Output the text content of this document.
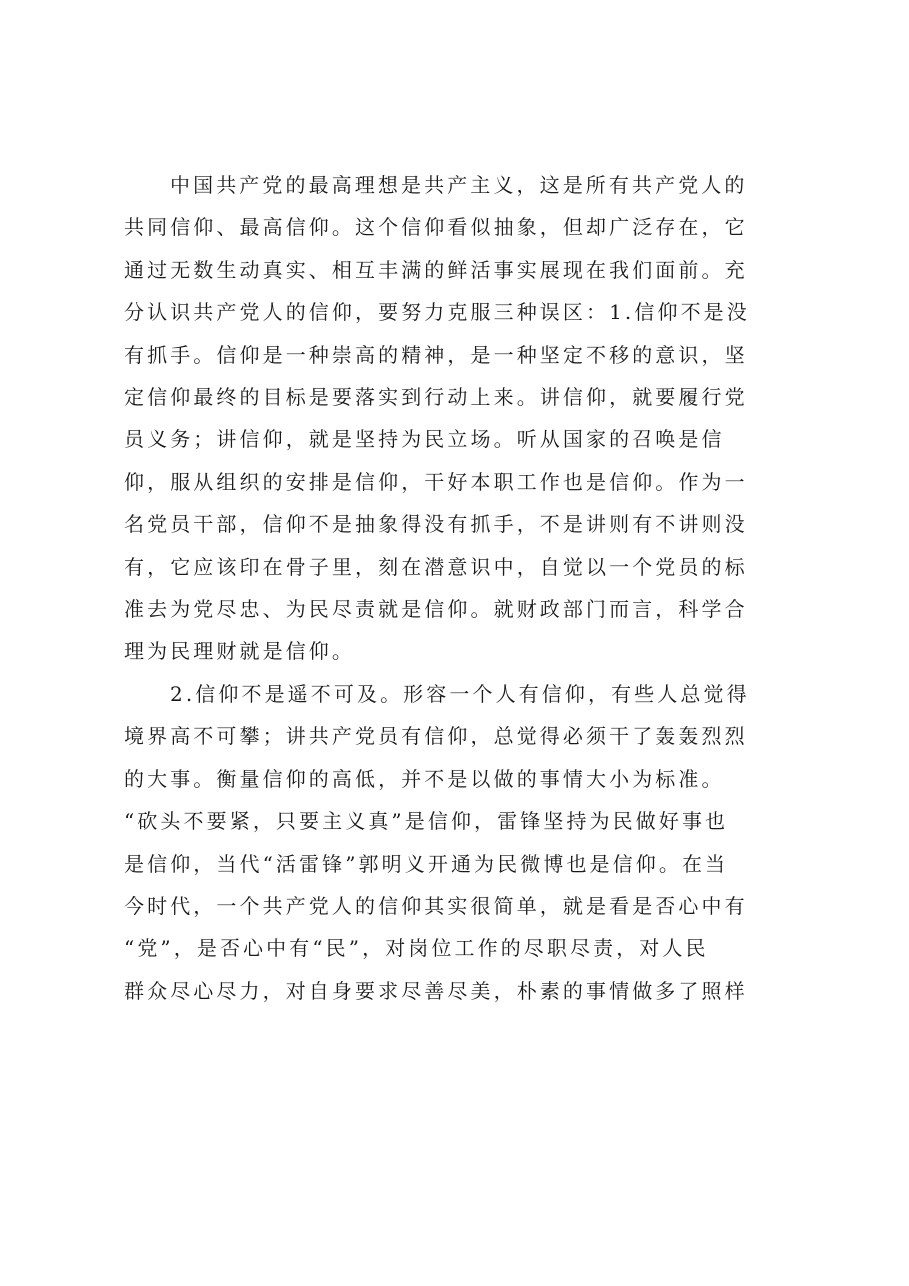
中国共产党的最高理想是共产主义，这是所有共产党人的
共同信仰、最高信仰。这个信仰看似抽象，但却广泛存在，它
通过无数生动真实、相互丰满的鲜活事实展现在我们面前。充
分认识共产党人的信仰，要努力克服三种误区：1.信仰不是没
有抓手。信仰是一种崇高的精神，是一种坚定不移的意识，坚
定信仰最终的目标是要落实到行动上来。讲信仰，就要履行党
员义务；讲信仰，就是坚持为民立场。听从国家的召唤是信
仰，服从组织的安排是信仰，干好本职工作也是信仰。作为一
名党员干部，信仰不是抽象得没有抓手，不是讲则有不讲则没
有，它应该印在骨子里，刻在潜意识中，自觉以一个党员的标
准去为党尽忠、为民尽责就是信仰。就财政部门而言，科学合
理为民理财就是信仰。
2.信仰不是遥不可及。形容一个人有信仰，有些人总觉得
境界高不可攀；讲共产党员有信仰，总觉得必须干了轰轰烈烈
的大事。衡量信仰的高低，并不是以做的事情大小为标准。
“砍头不要紧，只要主义真”是信仰，雷锋坚持为民做好事也
是信仰，当代“活雷锋”郭明义开通为民微博也是信仰。在当
今时代，一个共产党人的信仰其实很简单，就是看是否心中有
“党”，是否心中有“民”，对岗位工作的尽职尽责，对人民
群众尽心尽力，对自身要求尽善尽美，朴素的事情做多了照样
